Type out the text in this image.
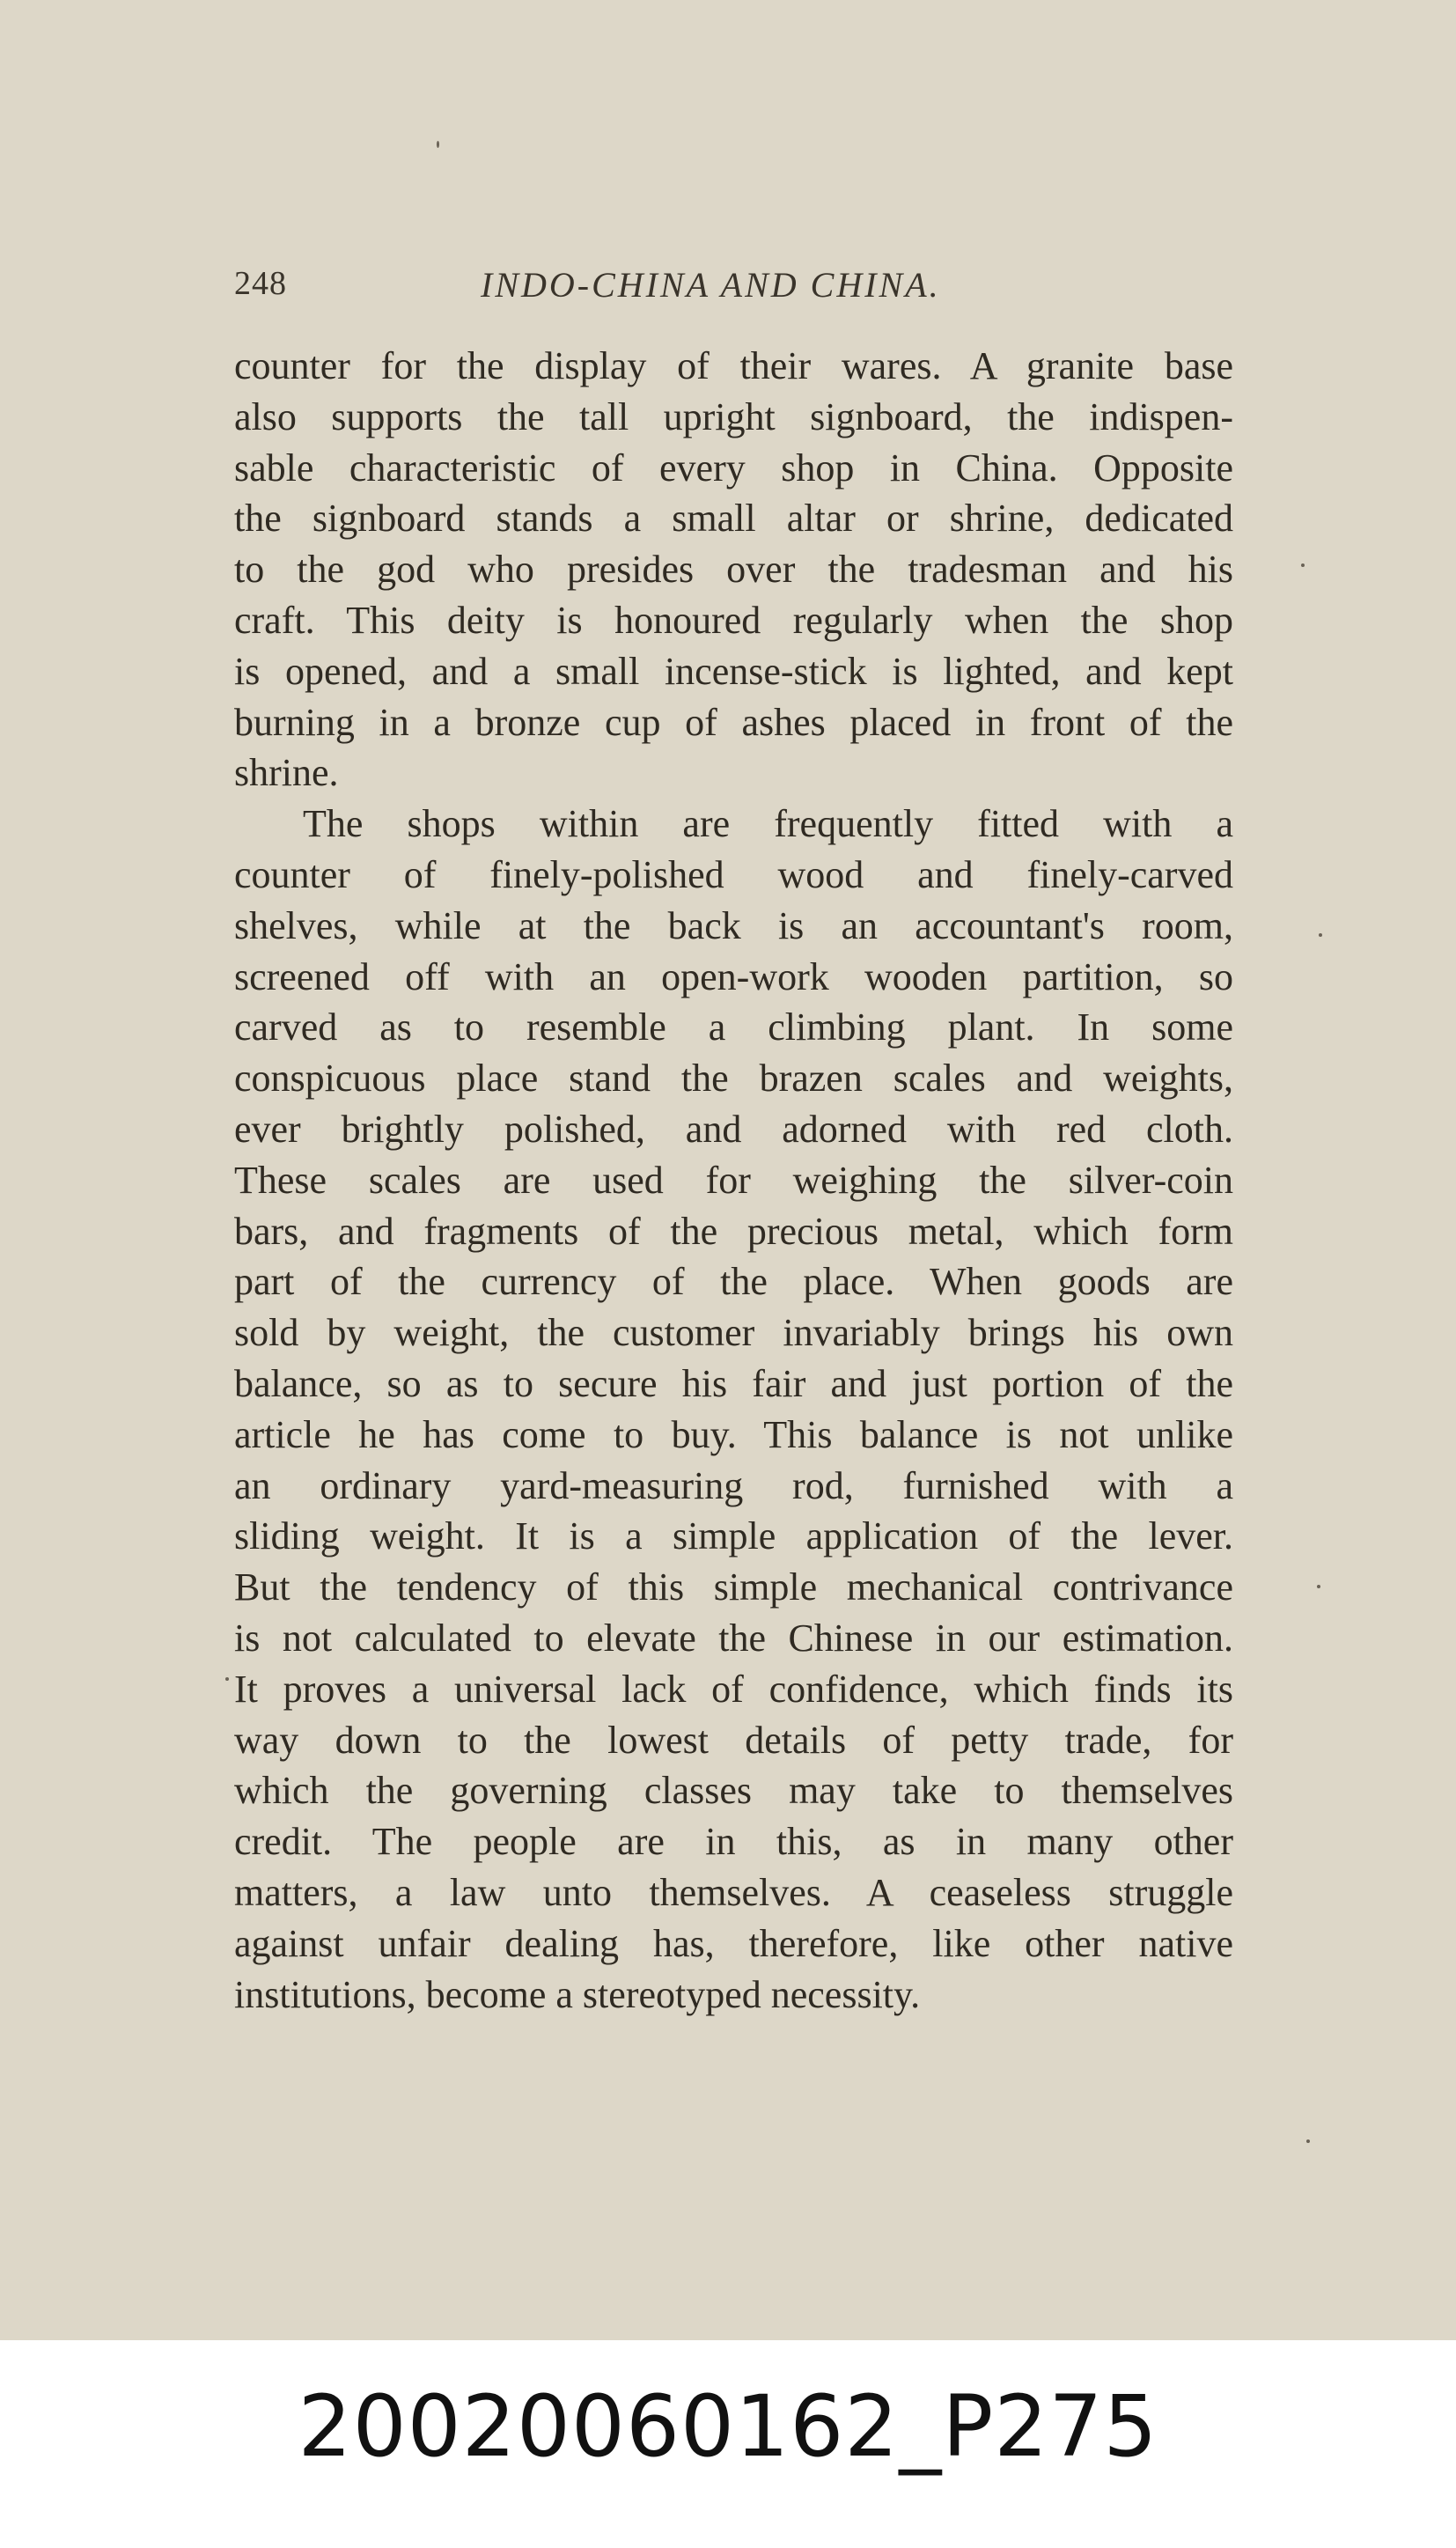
248	INDO-CHINA AND CHINA.
counter for the display of their wares. A granite base
also supports the tall upright signboard, the indispen-
sable characteristic of every shop in China. Opposite
the signboard stands a small altar or shrine, dedicated
to the god who presides over the tradesman and his
craft. This deity is honoured regularly when the shop
is opened, and a small incense-stick is lighted, and kept
burning in a bronze cup of ashes placed in front of the
shrine.
The shops within are frequently fitted with a
counter of finely-polished wood and finely-carved
shelves, while at the back is an accountant's room,
screened off with an open-work wooden partition, so
carved as to resemble a climbing plant. In some
conspicuous place stand the brazen scales and weights,
ever brightly polished, and adorned with red cloth.
These scales are used for weighing the silver-coin
bars, and fragments of the precious metal, which form
part of the currency of the place. When goods are
sold by weight, the customer invariably brings his own
balance, so as to secure his fair and just portion of the
article he has come to buy. This balance is not unlike
an ordinary yard-measuring rod, furnished with a
sliding weight. It is a simple application of the lever.
But the tendency of this simple mechanical contrivance
is not calculated to elevate the Chinese in our estimation.
It proves a universal lack of confidence, which finds its
way down to the lowest details of petty trade, for
which the governing classes may take to themselves
credit. The people are in this, as in many other
matters, a law unto themselves. A ceaseless struggle
against unfair dealing has, therefore, like other native
institutions, become a stereotyped necessity.
20020060162_P275
